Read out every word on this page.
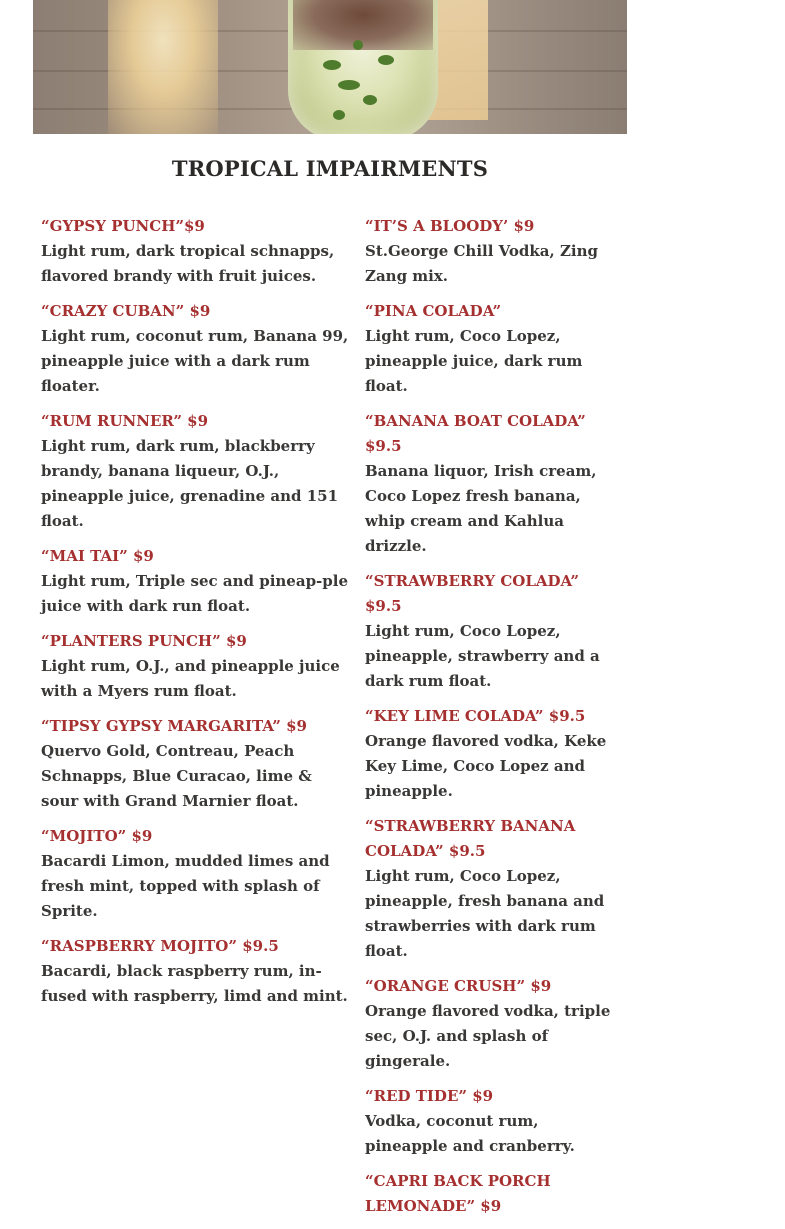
TROPICAL IMPAIRMENTS

“GYPSY PUNCH”$9

Light rum, dark tropical schnapps, flavored brandy with fruit juices.

“CRAZY CUBAN” $9

Light rum, coconut rum, Banana 99, pineapple juice with a dark rum floater.

“RUM RUNNER” $9

Light rum, dark rum, blackberry brandy, banana liqueur, O.J., pineapple juice, grenadine and 151 float.

“MAI TAI” $9

Light rum, Triple sec and pineap-ple juice with dark run float.

“PLANTERS PUNCH” $9

Light rum, O.J., and pineapple juice with a Myers rum float.

“TIPSY GYPSY MARGARITA” $9

Quervo Gold, Contreau, Peach Schnapps, Blue Curacao, lime & sour with Grand Marnier float.

“MOJITO” $9

Bacardi Limon, mudded limes and fresh mint, topped with splash of Sprite.

“RASPBERRY MOJITO” $9.5

Bacardi, black raspberry rum, in-fused with raspberry, limd and mint.

“IT’S A BLOODY’ $9

St.George Chill Vodka, Zing Zang mix.

“PINA COLADA”

Light rum, Coco Lopez, pineapple juice, dark rum float.

“BANANA BOAT COLADA” $9.5

Banana liquor, Irish cream, Coco Lopez fresh banana, whip cream and Kahlua drizzle.

“STRAWBERRY COLADA” $9.5

Light rum, Coco Lopez, pineapple, strawberry and a dark rum float.

“KEY LIME COLADA” $9.5

Orange flavored vodka, Keke Key Lime, Coco Lopez and pineapple.

“STRAWBERRY BANANA COLADA” $9.5

Light rum, Coco Lopez, pineapple, fresh banana and strawberries with dark rum float.

“ORANGE CRUSH” $9

Orange flavored vodka, triple sec, O.J. and splash of gingerale.

“RED TIDE” $9

Vodka, coconut rum, pineapple and cranberry.

“CAPRI BACK PORCH LEMONADE” $9
